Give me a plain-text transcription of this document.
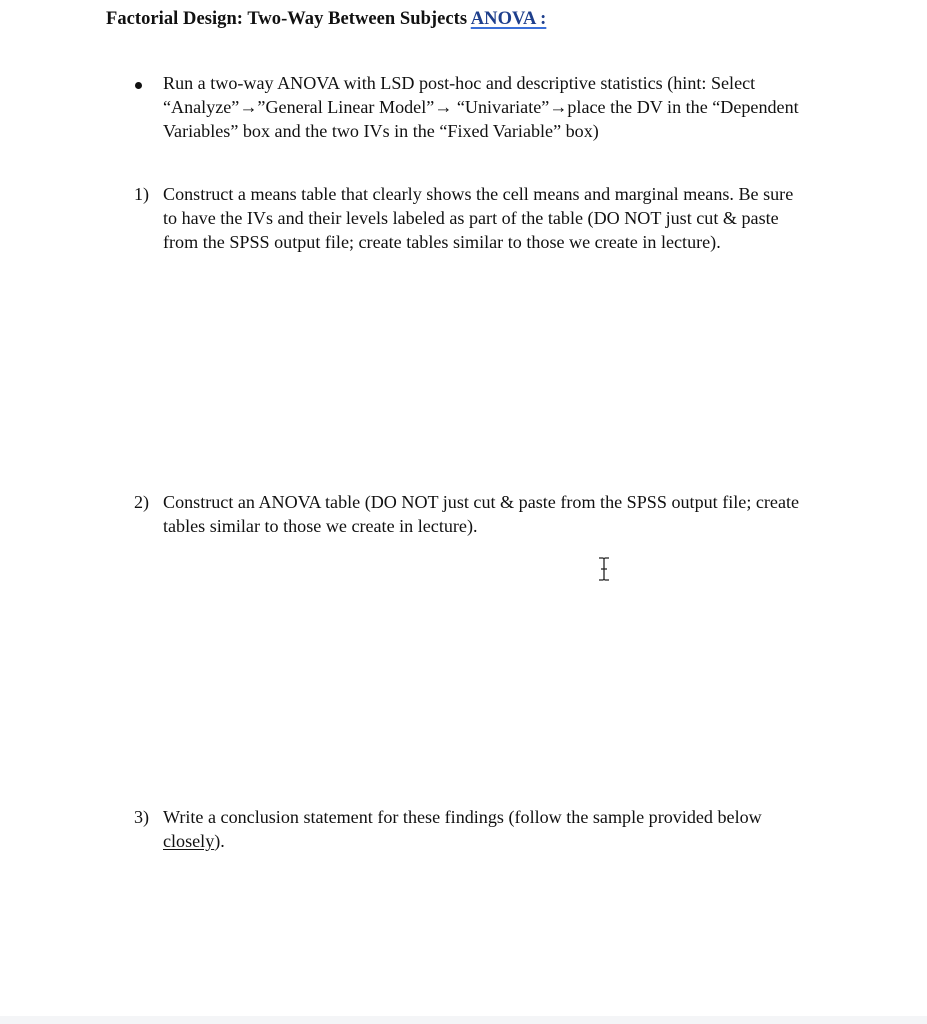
Factorial Design: Two-Way Between Subjects ANOVA :
Run a two-way ANOVA with LSD post-hoc and descriptive statistics (hint: Select
“Analyze”→”General Linear Model”→ “Univariate”→place the DV in the “Dependent
Variables” box and the two IVs in the “Fixed Variable” box)
1) Construct a means table that clearly shows the cell means and marginal means. Be sure
to have the IVs and their levels labeled as part of the table (DO NOT just cut & paste
from the SPSS output file; create tables similar to those we create in lecture).
2) Construct an ANOVA table (DO NOT just cut & paste from the SPSS output file; create
tables similar to those we create in lecture).
3) Write a conclusion statement for these findings (follow the sample provided below
closely).
